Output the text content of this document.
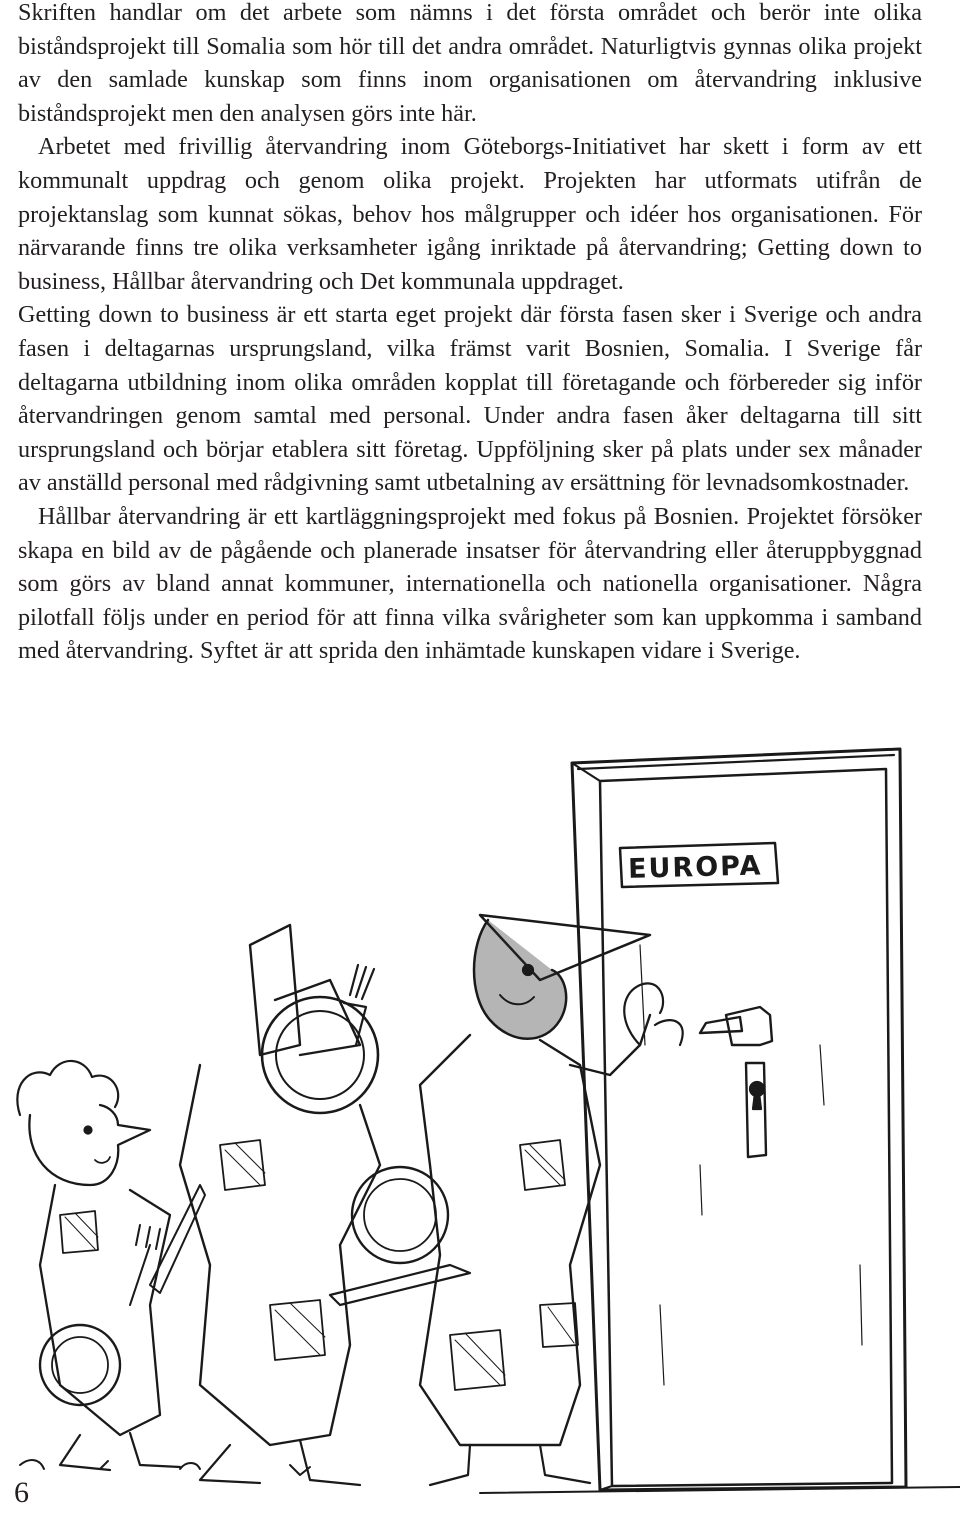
Skriften handlar om det arbete som nämns i det första området och berör inte olika biståndsprojekt till Somalia som hör till det andra området. Naturligtvis gynnas olika projekt av den samlade kunskap som finns inom organisationen om återvandring inklusive biståndsprojekt men den analysen görs inte här.

Arbetet med frivillig återvandring inom Göteborgs-Initiativet har skett i form av ett kommunalt uppdrag och genom olika projekt. Projekten har utformats utifrån de projektanslag som kunnat sökas, behov hos målgrupper och idéer hos organisationen. För närvarande finns tre olika verksamheter igång inriktade på återvandring; Getting down to business, Hållbar återvandring och Det kommunala uppdraget.

Getting down to business är ett starta eget projekt där första fasen sker i Sverige och andra fasen i deltagarnas ursprungsland, vilka främst varit Bosnien, Somalia. I Sverige får deltagarna utbildning inom olika områden kopplat till företagande och förbereder sig inför återvandringen genom samtal med personal. Under andra fasen åker deltagarna till sitt ursprungsland och börjar etablera sitt företag. Uppföljning sker på plats under sex månader av anställd personal med rådgivning samt utbetalning av ersättning för levnadsomkostnader.

Hållbar återvandring är ett kartläggningsprojekt med fokus på Bosnien. Projektet försöker skapa en bild av de pågående och planerade insatser för återvandring eller återuppbyggnad som görs av bland annat kommuner, internationella och nationella organisationer. Några pilotfall följs under en period för att finna vilka svårigheter som kan uppkomma i samband med återvandring. Syftet är att sprida den inhämtade kunskapen vidare i Sverige.

EUROPA
6
